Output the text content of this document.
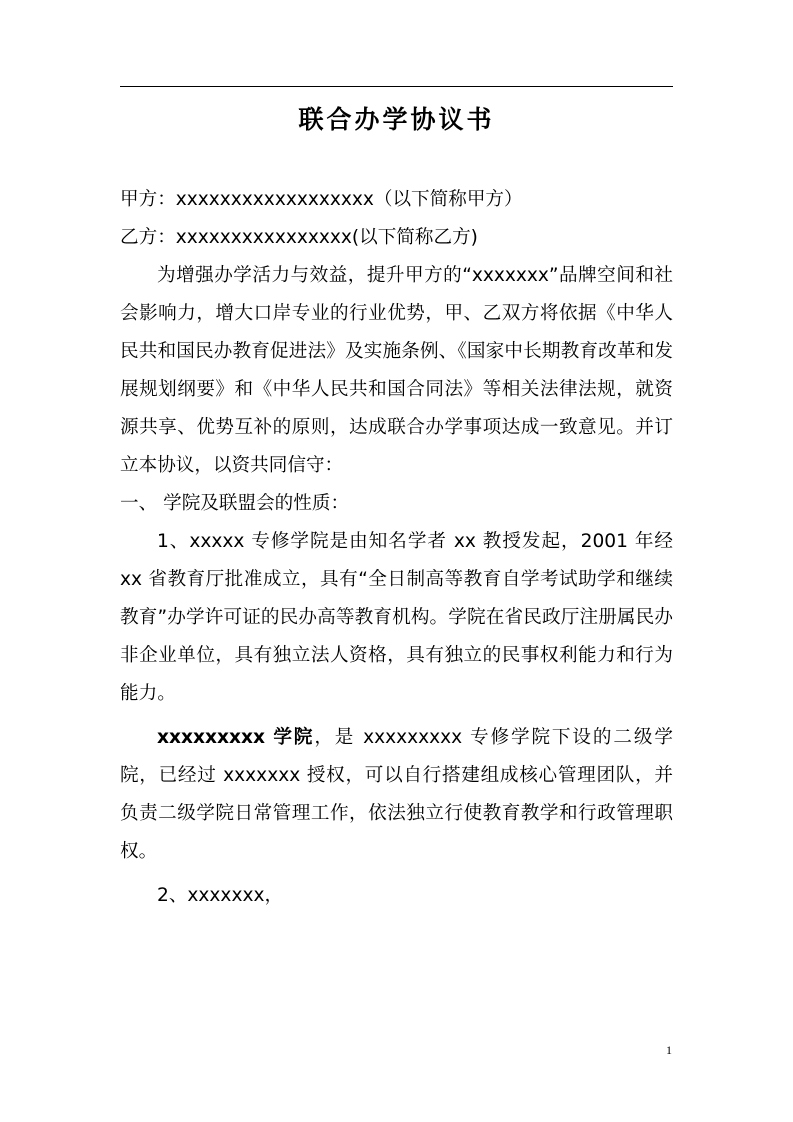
联合办学协议书

甲方：xxxxxxxxxxxxxxxxxx（以下简称甲方）

乙方：xxxxxxxxxxxxxxxx(以下简称乙方)

为增强办学活力与效益，提升甲方的“xxxxxxx”品牌空间和社会影响力，增大口岸专业的行业优势，甲、乙双方将依据《中华人民共和国民办教育促进法》及实施条例、《国家中长期教育改革和发展规划纲要》和《中华人民共和国合同法》等相关法律法规，就资源共享、优势互补的原则，达成联合办学事项达成一致意见。并订立本协议，以资共同信守：

一、 学院及联盟会的性质：

1、xxxxx 专修学院是由知名学者 xx 教授发起，2001 年经 xx 省教育厅批准成立，具有“全日制高等教育自学考试助学和继续教育”办学许可证的民办高等教育机构。学院在省民政厅注册属民办非企业单位，具有独立法人资格，具有独立的民事权利能力和行为能力。

xxxxxxxxx 学院，是 xxxxxxxxx 专修学院下设的二级学院，已经过 xxxxxxx 授权，可以自行搭建组成核心管理团队，并负责二级学院日常管理工作，依法独立行使教育教学和行政管理职权。

2、xxxxxxx，

1
